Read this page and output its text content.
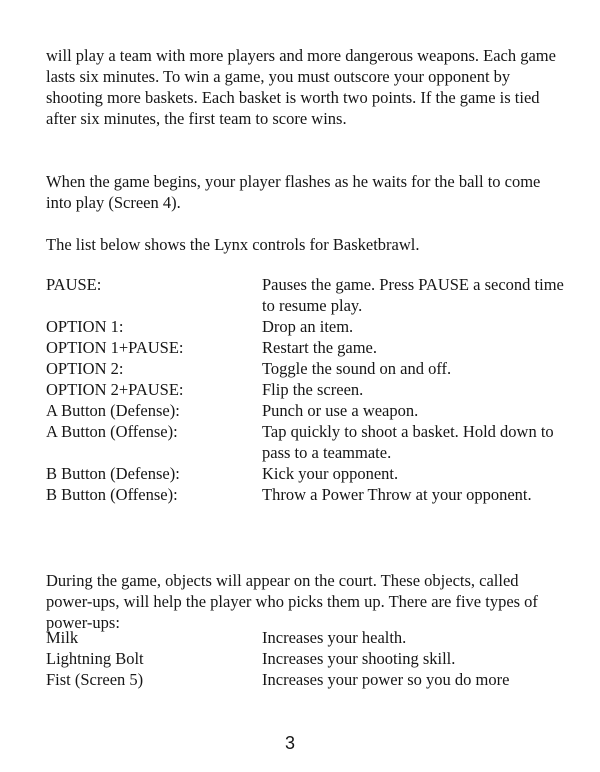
will play a team with more players and more dangerous weapons. Each game lasts six minutes. To win a game, you must outscore your opponent by shooting more baskets. Each basket is worth two points. If the game is tied after six minutes, the first team to score wins.

When the game begins, your player flashes as he waits for the ball to come into play (Screen 4).

The list below shows the Lynx controls for Basketbrawl.

PAUSE:	Pauses the game. Press PAUSE a second time to resume play.
OPTION 1:	Drop an item.
OPTION 1+PAUSE:	Restart the game.
OPTION 2:	Toggle the sound on and off.
OPTION 2+PAUSE:	Flip the screen.
A Button (Defense):	Punch or use a weapon.
A Button (Offense):	Tap quickly to shoot a basket. Hold down to pass to a teammate.
B Button (Defense):	Kick your opponent.
B Button (Offense):	Throw a Power Throw at your opponent.

During the game, objects will appear on the court. These objects, called power-ups, will help the player who picks them up. There are five types of power-ups:

Milk	Increases your health.
Lightning Bolt	Increases your shooting skill.
Fist (Screen 5)	Increases your power so you do more
3
